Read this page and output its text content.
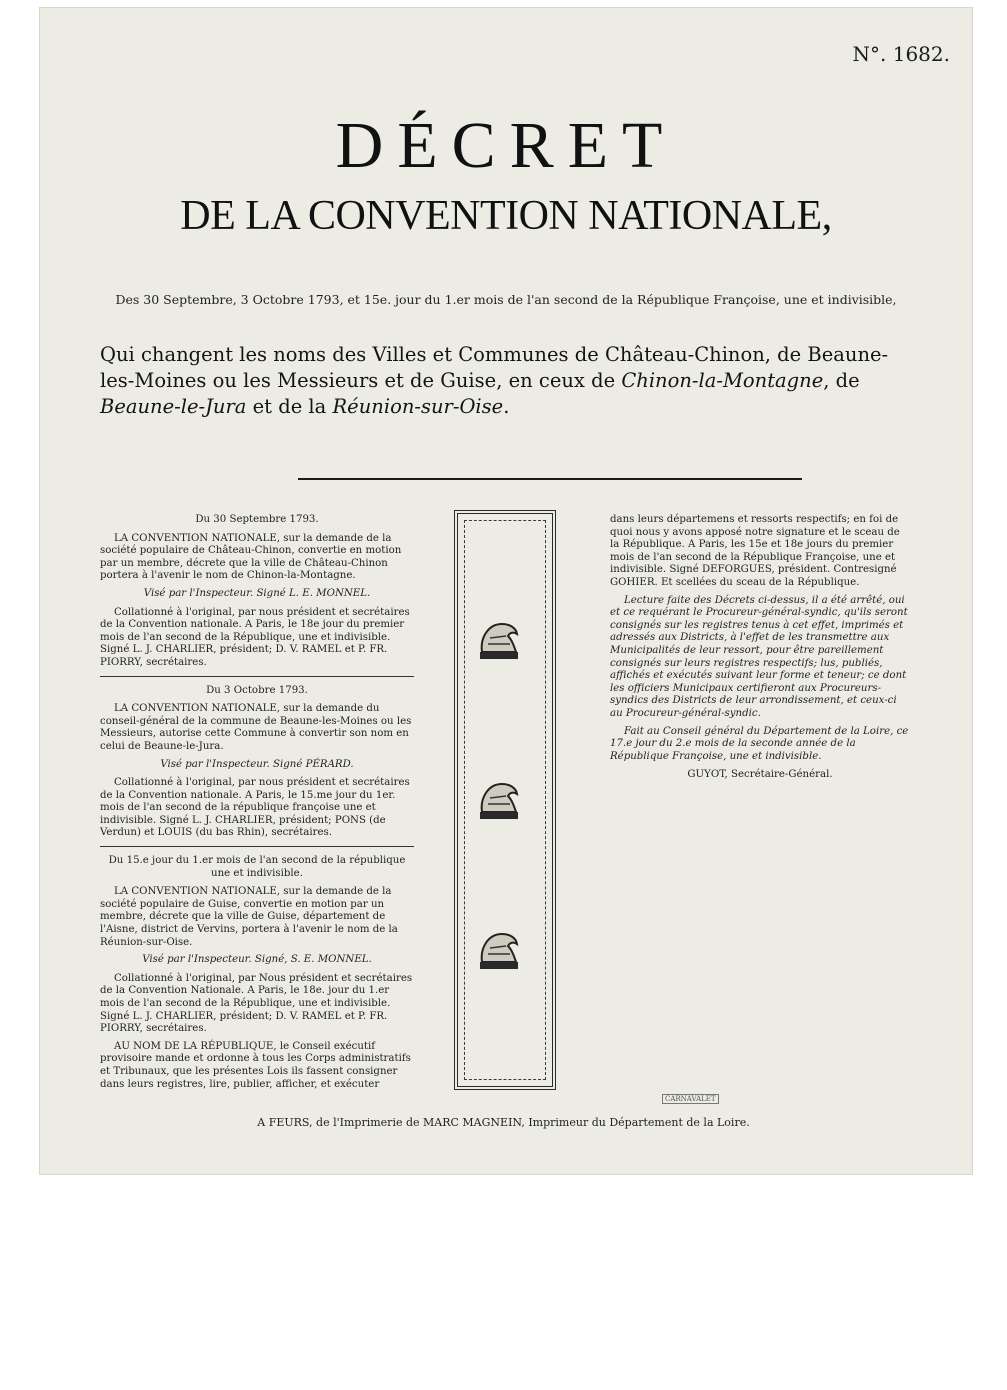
N°. 1682.
DÉCRET
DE LA CONVENTION NATIONALE,
Des 30 Septembre, 3 Octobre 1793, et 15e. jour du 1.er mois de l'an second de la République Françoise, une et indivisible,
Qui changent les noms des Villes et Communes de Château-Chinon, de Beaune-les-Moines ou les Messieurs et de Guise, en ceux de Chinon-la-Montagne, de Beaune-le-Jura et de la Réunion-sur-Oise.

Du 30 Septembre 1793.

LA CONVENTION NATIONALE, sur la demande de la société populaire de Château-Chinon, convertie en motion par un membre, décrete que la ville de Château-Chinon portera à l'avenir le nom de Chinon-la-Montagne.

Visé par l'Inspecteur. Signé L. E. MONNEL.

Collationné à l'original, par nous président et secrétaires de la Convention nationale. A Paris, le 18e jour du premier mois de l'an second de la République, une et indivisible. Signé L. J. CHARLIER, président; D. V. RAMEL et P. FR. PIORRY, secrétaires.

Du 3 Octobre 1793.

LA CONVENTION NATIONALE, sur la demande du conseil-général de la commune de Beaune-les-Moines ou les Messieurs, autorise cette Commune à convertir son nom en celui de Beaune-le-Jura.

Visé par l'Inspecteur. Signé PÉRARD.

Collationné à l'original, par nous président et secrétaires de la Convention nationale. A Paris, le 15.me jour du 1er. mois de l'an second de la république françoise une et indivisible. Signé L. J. CHARLIER, président; PONS (de Verdun) et LOUIS (du bas Rhin), secrétaires.

Du 15.e jour du 1.er mois de l'an second de la république une et indivisible.

LA CONVENTION NATIONALE, sur la demande de la société populaire de Guise, convertie en motion par un membre, décrete que la ville de Guise, département de l'Aisne, district de Vervins, portera à l'avenir le nom de la Réunion-sur-Oise.

Visé par l'Inspecteur. Signé, S. E. MONNEL.

Collationné à l'original, par Nous président et secrétaires de la Convention Nationale. A Paris, le 18e. jour du 1.er mois de l'an second de la République, une et indivisible. Signé L. J. CHARLIER, président; D. V. RAMEL et P. FR. PIORRY, secrétaires.

AU NOM DE LA RÉPUBLIQUE, le Conseil exécutif provisoire mande et ordonne à tous les Corps administratifs et Tribunaux, que les présentes Lois ils fassent consigner dans leurs registres, lire, publier, afficher, et exécuter

dans leurs départemens et ressorts respectifs; en foi de quoi nous y avons apposé notre signature et le sceau de la République. A Paris, les 15e et 18e jours du premier mois de l'an second de la République Françoise, une et indivisible. Signé DEFORGUES, président. Contresigné GOHIER. Et scellées du sceau de la République.

Lecture faite des Décrets ci-dessus, il a été arrêté, oui et ce requérant le Procureur-général-syndic, qu'ils seront consignés sur les registres tenus à cet effet, imprimés et adressés aux Districts, à l'effet de les transmettre aux Municipalités de leur ressort, pour être pareillement consignés sur leurs registres respectifs; lus, publiés, affichés et exécutés suivant leur forme et teneur; ce dont les officiers Municipaux certifieront aux Procureurs-syndics des Districts de leur arrondissement, et ceux-ci au Procureur-général-syndic.

Fait au Conseil général du Département de la Loire, ce 17.e jour du 2.e mois de la seconde année de la République Françoise, une et indivisible.

GUYOT, Secrétaire-Général.

CARNAVALET
A FEURS, de l'Imprimerie de MARC MAGNEIN, Imprimeur du Département de la Loire.
